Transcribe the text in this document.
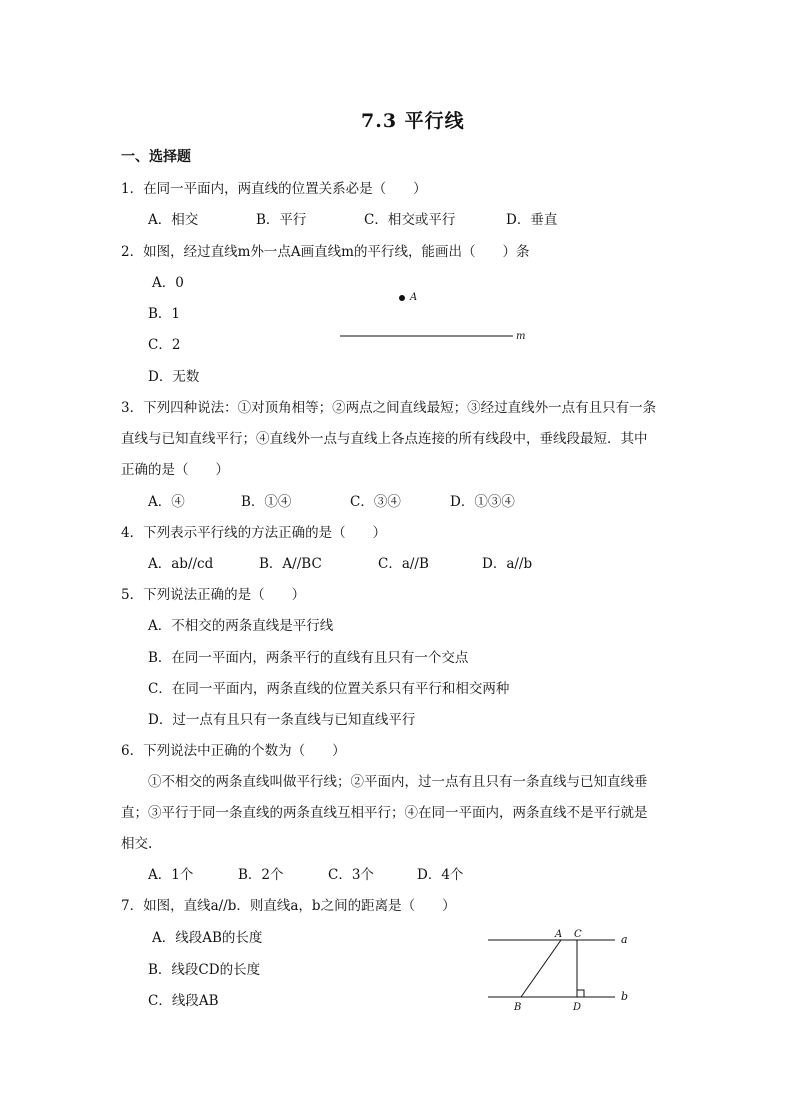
7.3 平行线
一、选择题
1．在同一平面内，两直线的位置关系必是（　　）
A．相交	B．平行	C．相交或平行	D．垂直
2．如图，经过直线m外一点A画直线m的平行线，能画出（　　）条
A．0
B．1
C．2
D．无数
A
m
3．下列四种说法：①对顶角相等；②两点之间直线最短；③经过直线外一点有且只有一条
直线与已知直线平行；④直线外一点与直线上各点连接的所有线段中，垂线段最短．其中
正确的是（　　）
A．④	B．①④	C．③④	D．①③④
4．下列表示平行线的方法正确的是（　　）
A．ab//cd	B．A//BC	C．a//B	D．a//b
5．下列说法正确的是（　　）
A．不相交的两条直线是平行线
B．在同一平面内，两条平行的直线有且只有一个交点
C．在同一平面内，两条直线的位置关系只有平行和相交两种
D．过一点有且只有一条直线与已知直线平行
6．下列说法中正确的个数为（　　）
①不相交的两条直线叫做平行线；②平面内，过一点有且只有一条直线与已知直线垂
直；③平行于同一条直线的两条直线互相平行；④在同一平面内，两条直线不是平行就是
相交.
A．1个	B．2个	C．3个	D．4个
7．如图，直线a//b．则直线a，b之间的距离是（　　）
A．线段AB的长度
B．线段CD的长度
C．线段AB
A C
B	D
a
b
